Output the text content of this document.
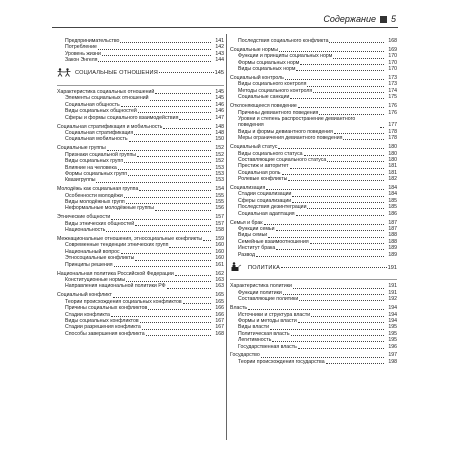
Содержание 5
Предпринимательство	141
Потребление	142
Уровень жизни	143
Закон Энгеля	144
СОЦИАЛЬНЫЕ ОТНОШЕНИЯ	145
Характеристика социальных отношений	145
Элементы социальных отношений	145
Социальная общность	146
Виды социальных общностей	146
Сферы и формы социального взаимодействия	147
Социальная стратификация и мобильность	148
Социальная стратификация	148
Социальная мобильность	150
Социальные группы	152
Признаки социальной группы	152
Виды социальных групп	152
Влияние на человека	153
Формы социальных групп	153
Квазигруппы	153
Молодёжь как социальная группа	154
Особенности молодёжи	155
Виды молодёжных групп	155
Неформальные молодёжные группы	156
Этнические общности	157
Виды этнических общностей	157
Национальность	158
Межнациональные отношения, этносоциальные конфликты	159
Современные тенденции этнических групп	160
Национальный вопрос	160
Этносоциальные конфликты	160
Принципы решения	161
Национальная политика Российской Федерации	162
Конституционные нормы	163
Направления национальной политики РФ	163
Социальный конфликт	165
Теории происхождения социальных конфликтов	165
Причины социальных конфликтов	166
Стадии конфликта	166
Виды социальных конфликтов	167
Стадии разрешения конфликта	167
Способы завершения конфликта	168
Последствия социального конфликта	168
Социальные нормы	169
Функции и принципы социальных норм	170
Формы социальных норм	170
Виды социальных норм	170
Социальный контроль	173
Виды социального контроля	173
Методы социального контроля	174
Социальные санкции	175
Отклоняющееся поведение	176
Причины девиантного поведения	176
Уровни и степень распространение девиантного поведения	177
Виды и формы девиантного поведения	178
Меры ограничения девиантного поведения	178
Социальный статус	180
Виды социального статуса	180
Составляющие социального статуса	180
Престиж и авторитет	181
Социальная роль	181
Ролевые конфликты	182
Социализация	184
Стадии социализации	184
Сферы социализации	185
Последствия дезинтеграции	185
Социальная адаптация	186
Семья и брак	187
Функции семьи	187
Виды семьи	188
Семейные взаимоотношения	188
Институт брака	189
Развод	189
ПОЛИТИКА	191
Характеристика политики	191
Функции политики	191
Составляющие политики	192
Власть	194
Источники и структура власти	194
Формы и методы власти	194
Виды власти	195
Политическая власть	195
Легитимность	195
Государственная власть	196
Государство	197
Теории происхождения государства	198
